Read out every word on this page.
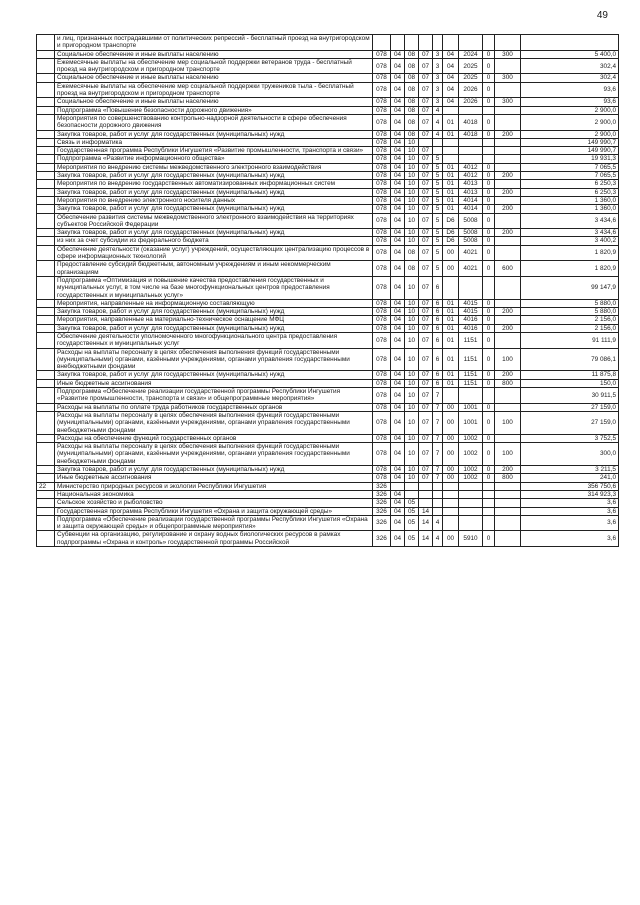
49
	и лиц, признанных пострадавшими от политических репрессий - бесплатный проезд на внутригородском и пригородном транспорте										
	Социальное обеспечение и иные выплаты населению	078	04	08	07	3	04	2024	0	300	5 400,0
	Ежемесячные выплаты на обеспечение мер социальной поддержки ветеранов труда - бесплатный проезд на внутригородском и пригородном транспорте	078	04	08	07	3	04	2025	0		302,4
	Социальное обеспечение и иные выплаты населению	078	04	08	07	3	04	2025	0	300	302,4
	Ежемесячные выплаты на обеспечение мер социальной поддержки тружеников тыла - бесплатный проезд на внутригородском и пригородном транспорте	078	04	08	07	3	04	2026	0		93,6
	Социальное обеспечение и иные выплаты населению	078	04	08	07	3	04	2026	0	300	93,6
	Подпрограмма «Повышение безопасности дорожного движения»	078	04	08	07	4					2 900,0
	Мероприятия по совершенствованию контрольно-надзорной деятельности в сфере обеспечения безопасности дорожного движения	078	04	08	07	4	01	4018	0		2 900,0
	Закупка товаров, работ и услуг для государственных (муниципальных) нужд	078	04	08	07	4	01	4018	0	200	2 900,0
	Связь и информатика	078	04	10							149 990,7
	Государственная программа Республики Ингушетия «Развитие промышленности, транспорта и связи»	078	04	10	07						149 990,7
	Подпрограмма «Развитие информационного общества»	078	04	10	07	5					19 931,3
	Мероприятия по внедрению системы межведомственного электронного взаимодействия	078	04	10	07	5	01	4012	0		7 065,5
	Закупка товаров, работ и услуг для государственных (муниципальных) нужд	078	04	10	07	5	01	4012	0	200	7 065,5
	Мероприятия по внедрению государственных автоматизированных информационных систем	078	04	10	07	5	01	4013	0		6 250,3
	Закупка товаров, работ и услуг для государственных (муниципальных) нужд	078	04	10	07	5	01	4013	0	200	6 250,3
	Мероприятия по внедрению электронного носителя данных	078	04	10	07	5	01	4014	0		1 360,0
	Закупка товаров, работ и услуг для государственных (муниципальных) нужд	078	04	10	07	5	01	4014	0	200	1 360,0
	Обеспечение развития системы межведомственного электронного взаимодействия на территориях субъектов Российской Федерации	078	04	10	07	5	D6	5008	0		3 434,6
	Закупка товаров, работ и услуг для государственных (муниципальных) нужд	078	04	10	07	5	D6	5008	0	200	3 434,6
	из них за счет субсидии из федерального бюджета	078	04	10	07	5	D6	5008	0		3 400,2
	Обеспечение деятельности (оказание услуг) учреждений, осуществляющих централизацию процессов в сфере информационных технологий	078	04	08	07	5	00	4021	0		1 820,9
	Предоставление субсидий бюджетным, автономным учреждениям и иным некоммерческим организациям	078	04	08	07	5	00	4021	0	600	1 820,9
	Подпрограмма «Оптимизация и повышение качества предоставления государственных и муниципальных услуг, в том числе на базе многофункциональных центров предоставления государственных и муниципальных услуг»	078	04	10	07	6					99 147,9
	Мероприятия, направленные на информационную составляющую	078	04	10	07	6	01	4015	0		5 880,0
	Закупка товаров, работ и услуг для государственных (муниципальных) нужд	078	04	10	07	6	01	4015	0	200	5 880,0
	Мероприятия, направленные на материально-техническое оснащение МФЦ	078	04	10	07	6	01	4016	0		2 156,0
	Закупка товаров, работ и услуг для государственных (муниципальных) нужд	078	04	10	07	6	01	4016	0	200	2 156,0
	Обеспечение деятельности уполномоченного многофункционального центра предоставления государственных и муниципальных услуг	078	04	10	07	6	01	1151	0		91 111,9
	Расходы на выплаты персоналу в целях обеспечения выполнения функций государственными (муниципальными) органами, казёнными учреждениями, органами управления государственными внебюджетными фондами	078	04	10	07	6	01	1151	0	100	79 086,1
	Закупка товаров, работ и услуг для государственных (муниципальных) нужд	078	04	10	07	6	01	1151	0	200	11 875,8
	Иные бюджетные ассигнования	078	04	10	07	6	01	1151	0	800	150,0
	Подпрограмма «Обеспечение реализации государственной программы Республики Ингушетия «Развитие промышленности, транспорта и связи» и общепрограммные мероприятия»	078	04	10	07	7					30 911,5
	Расходы на выплаты по оплате труда работников государственных органов	078	04	10	07	7	00	1001	0		27 159,0
	Расходы на выплаты персоналу в целях обеспечения выполнения функций государственными (муниципальными) органами, казёнными учреждениями, органами управления государственными внебюджетными фондами	078	04	10	07	7	00	1001	0	100	27 159,0
	Расходы на обеспечение функций государственных органов	078	04	10	07	7	00	1002	0		3 752,5
	Расходы на выплаты персоналу в целях обеспечения выполнения функций государственными (муниципальными) органами, казёнными учреждениями, органами управления государственными внебюджетными фондами	078	04	10	07	7	00	1002	0	100	300,0
	Закупка товаров, работ и услуг для государственных (муниципальных) нужд	078	04	10	07	7	00	1002	0	200	3 211,5
	Иные бюджетные ассигнования	078	04	10	07	7	00	1002	0	800	241,0
22	Министерство природных ресурсов и экологии Республики Ингушетия	326									356 750,6
	Национальная экономика	326	04								314 923,3
	Сельское хозяйство и рыболовство	326	04	05							3,6
	Государственная программа Республики Ингушетия «Охрана и защита окружающей среды»	326	04	05	14						3,6
	Подпрограмма «Обеспечение реализации государственной программы Республики Ингушетия «Охрана и защита окружающей среды» и общепрограммные мероприятия»	326	04	05	14	4					3,6
	Субвенции на организацию, регулирование и охрану водных биологических ресурсов в рамках подпрограммы «Охрана и контроль» государственной программы Российской	326	04	05	14	4	00	5910	0		3,6
